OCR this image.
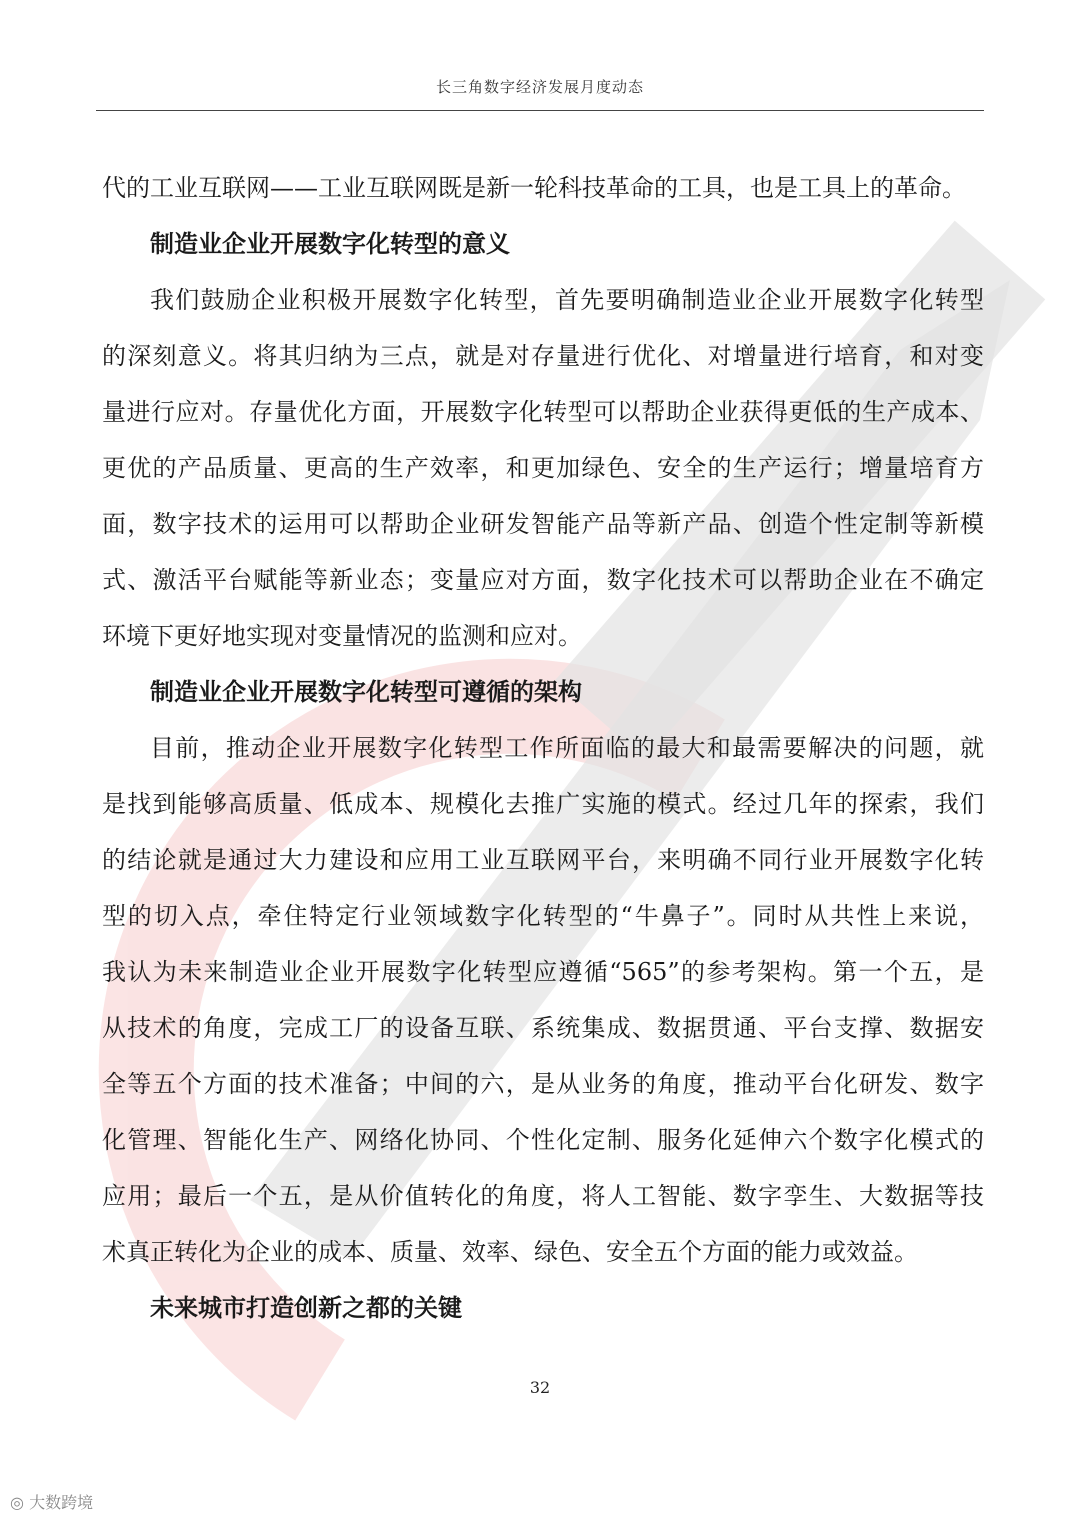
长三角数字经济发展月度动态
代的工业互联网——工业互联网既是新一轮科技革命的工具，也是工具上的革命。
制造业企业开展数字化转型的意义
我们鼓励企业积极开展数字化转型，首先要明确制造业企业开展数字化转型
的深刻意义。将其归纳为三点，就是对存量进行优化、对增量进行培育，和对变
量进行应对。存量优化方面，开展数字化转型可以帮助企业获得更低的生产成本、
更优的产品质量、更高的生产效率，和更加绿色、安全的生产运行；增量培育方
面，数字技术的运用可以帮助企业研发智能产品等新产品、创造个性定制等新模
式、激活平台赋能等新业态；变量应对方面，数字化技术可以帮助企业在不确定
环境下更好地实现对变量情况的监测和应对。
制造业企业开展数字化转型可遵循的架构
目前，推动企业开展数字化转型工作所面临的最大和最需要解决的问题，就
是找到能够高质量、低成本、规模化去推广实施的模式。经过几年的探索，我们
的结论就是通过大力建设和应用工业互联网平台，来明确不同行业开展数字化转
型的切入点，牵住特定行业领域数字化转型的“牛鼻子”。同时从共性上来说，
我认为未来制造业企业开展数字化转型应遵循“565”的参考架构。第一个五，是
从技术的角度，完成工厂的设备互联、系统集成、数据贯通、平台支撑、数据安
全等五个方面的技术准备；中间的六，是从业务的角度，推动平台化研发、数字
化管理、智能化生产、网络化协同、个性化定制、服务化延伸六个数字化模式的
应用；最后一个五，是从价值转化的角度，将人工智能、数字孪生、大数据等技
术真正转化为企业的成本、质量、效率、绿色、安全五个方面的能力或效益。
未来城市打造创新之都的关键
32
◎ 大数跨境
